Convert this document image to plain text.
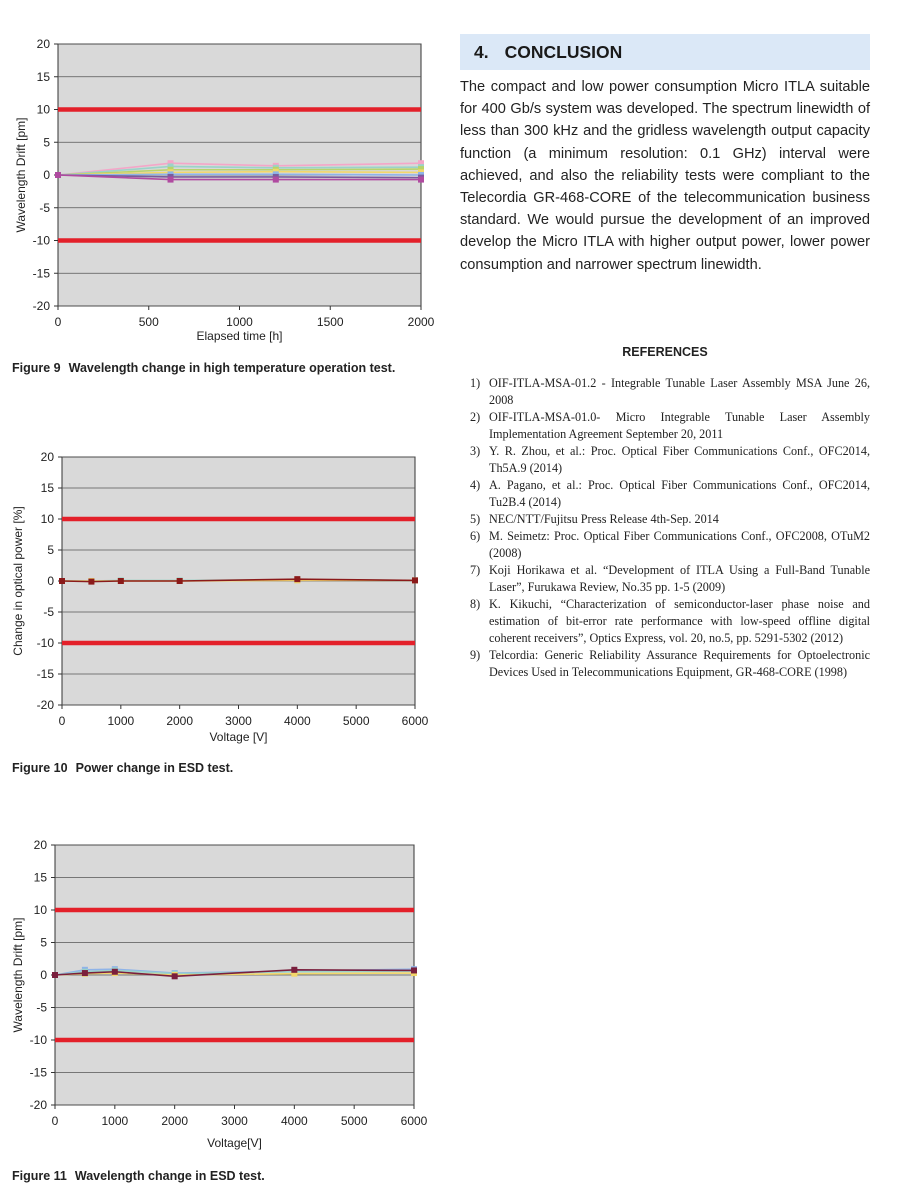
20
15
10
5
0
-5
-10
-15
-20
0	500	1000	1500	2000
Elapsed time [h]
Wavelength Drift [pm]
Figure 9 Wavelength change in high temperature operation test.
20
15
10
5
0
-5
-10
-15
-20
0	1000	2000	3000	4000	5000	6000
Voltage [V]
Change in optical power [%]
Figure 10 Power change in ESD test.
20
15
10
5
0
-5
-10
-15
-20
0	1000	2000	3000	4000	5000	6000
Voltage[V]
Wavelength Drift [pm]
Figure 11 Wavelength change in ESD test.
4. CONCLUSION

The compact and low power consumption Micro ITLA suitable for 400 Gb/s system was developed. The spectrum linewidth of less than 300 kHz and the gridless wavelength output capacity function (a minimum resolution: 0.1 GHz) interval were achieved, and also the reliability tests were compliant to the Telecordia GR-468-CORE of the telecommunication business standard. We would pursue the development of an improved develop the Micro ITLA with higher output power, lower power consumption and narrower spectrum linewidth.

REFERENCES
1) OIF-ITLA-MSA-01.2 - Integrable Tunable Laser Assembly MSA June 26, 2008
2) OIF-ITLA-MSA-01.0- Micro Integrable Tunable Laser Assembly Implementation Agreement September 20, 2011
3) Y. R. Zhou, et al.: Proc. Optical Fiber Communications Conf., OFC2014, Th5A.9 (2014)
4) A. Pagano, et al.: Proc. Optical Fiber Communications Conf., OFC2014, Tu2B.4 (2014)
5) NEC/NTT/Fujitsu Press Release 4th-Sep. 2014
6) M. Seimetz: Proc. Optical Fiber Communications Conf., OFC2008, OTuM2 (2008)
7) Koji Horikawa et al. “Development of ITLA Using a Full-Band Tunable Laser”, Furukawa Review, No.35 pp. 1-5 (2009)
8) K. Kikuchi, “Characterization of semiconductor-laser phase noise and estimation of bit-error rate performance with low-speed offline digital coherent receivers”, Optics Express, vol. 20, no.5, pp. 5291-5302 (2012)
9) Telcordia: Generic Reliability Assurance Requirements for Optoelectronic Devices Used in Telecommunications Equipment, GR-468-CORE (1998)
